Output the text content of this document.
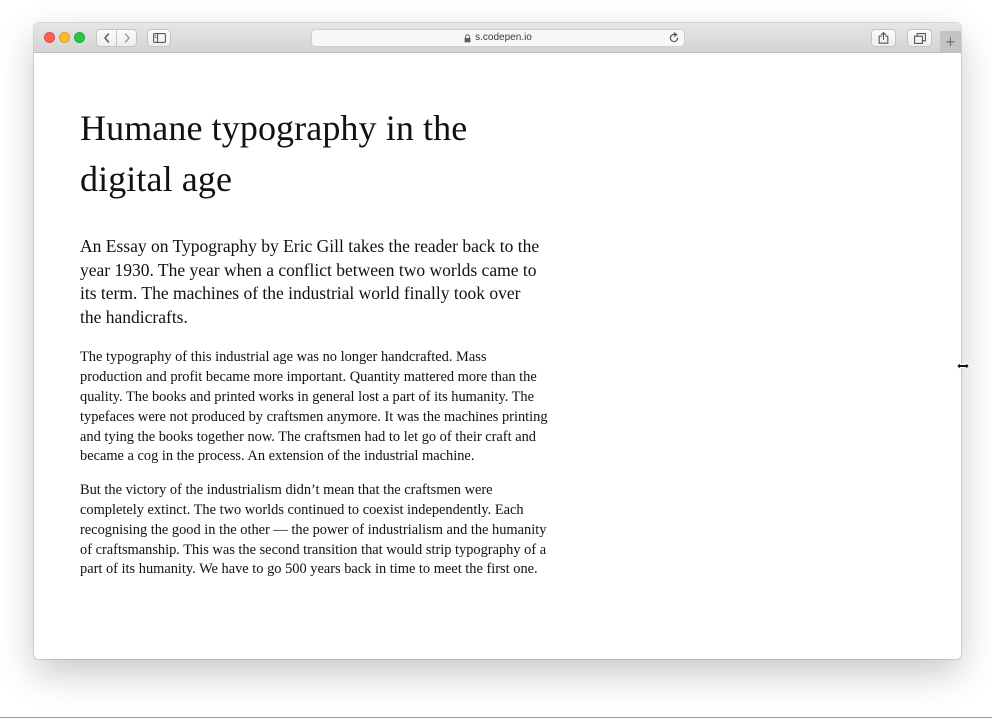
s.codepen.io	+
Humane typography in the digital age

An Essay on Typography by Eric Gill takes the reader back to the year 1930. The year when a conflict between two worlds came to its term. The machines of the industrial world finally took over the handicrafts.

The typography of this industrial age was no longer handcrafted. Mass production and profit became more important. Quantity mattered more than the quality. The books and printed works in general lost a part of its humanity. The typefaces were not produced by craftsmen anymore. It was the machines printing and tying the books together now. The craftsmen had to let go of their craft and became a cog in the process. An extension of the industrial machine.

But the victory of the industrialism didn’t mean that the craftsmen were completely extinct. The two worlds continued to coexist independently. Each recognising the good in the other — the power of industrialism and the humanity of craftsmanship. This was the second transition that would strip typography of a part of its humanity. We have to go 500 years back in time to meet the first one.
